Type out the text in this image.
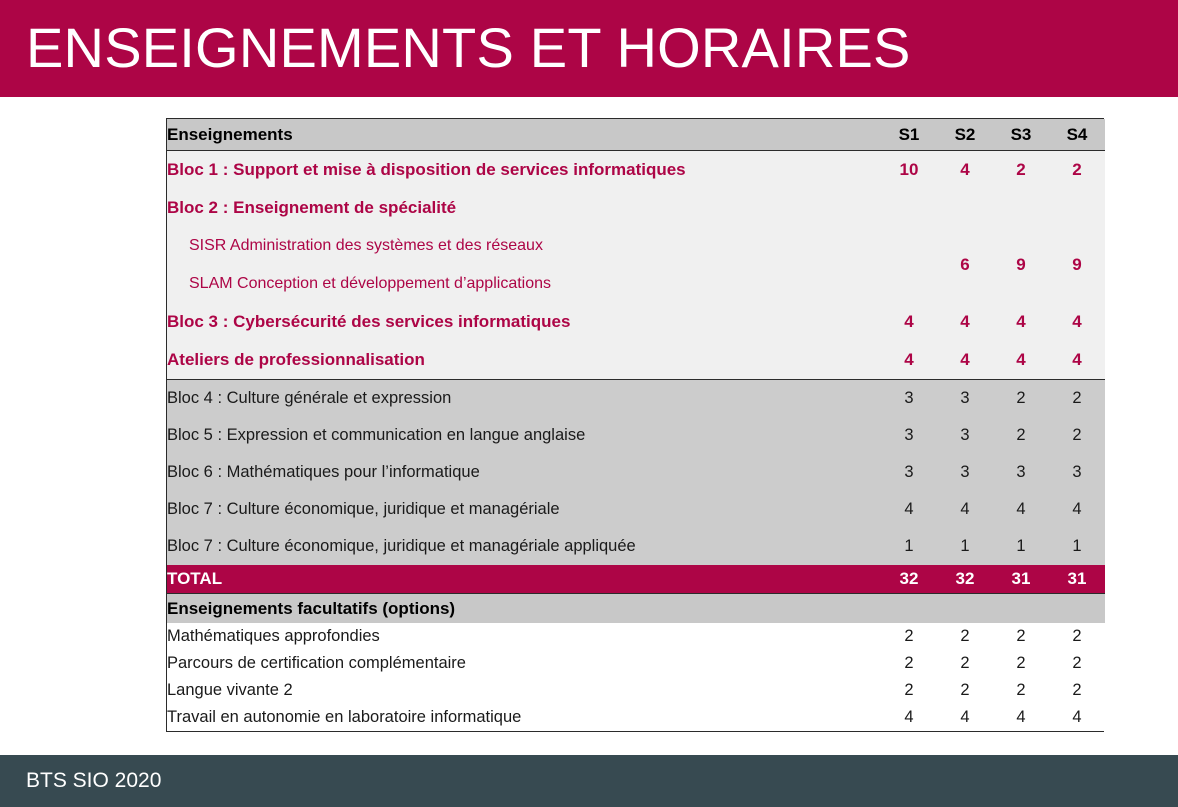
ENSEIGNEMENTS ET HORAIRES
Enseignements	S1	S2	S3	S4
Bloc 1 : Support et mise à disposition de services informatiques	10	4	2	2
Bloc 2 : Enseignement de spécialité				
SISR Administration des systèmes et des réseaux		6	9	9
SLAM Conception et développement d’applications				
Bloc 3 : Cybersécurité des services informatiques	4	4	4	4
Ateliers de professionnalisation	4	4	4	4
Bloc 4 : Culture générale et expression	3	3	2	2
Bloc 5 : Expression et communication en langue anglaise	3	3	2	2
Bloc 6 : Mathématiques pour l’informatique	3	3	3	3
Bloc 7 : Culture économique, juridique et managériale	4	4	4	4
Bloc 7 : Culture économique, juridique et managériale appliquée	1	1	1	1
TOTAL	32	32	31	31
Enseignements facultatifs (options)				
Mathématiques approfondies	2	2	2	2
Parcours de certification complémentaire	2	2	2	2
Langue vivante 2	2	2	2	2
Travail en autonomie en laboratoire informatique	4	4	4	4
BTS SIO 2020
